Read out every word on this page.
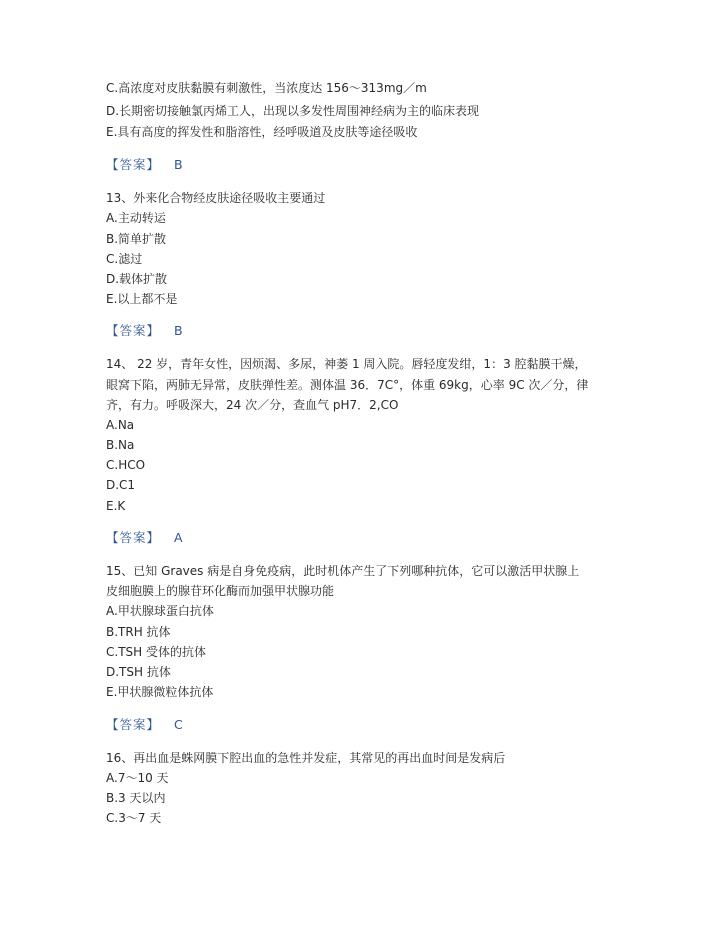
C.高浓度对皮肤黏膜有刺激性，当浓度达 156～313mg／m
D.长期密切接触氯丙烯工人，出现以多发性周围神经病为主的临床表现
E.具有高度的挥发性和脂溶性，经呼吸道及皮肤等途径吸收
【答案】 B
13、外来化合物经皮肤途径吸收主要通过
A.主动转运
B.简单扩散
C.滤过
D.载体扩散
E.以上都不是
【答案】 B
14、 22 岁，青年女性，因烦渴、多尿，神萎 1 周入院。唇轻度发绀，1：3 腔黏膜干燥，
眼窝下陷，两肺无异常，皮肤弹性差。测体温 36．7C°，体重 69kg，心率 9C 次／分，律
齐，有力。呼吸深大，24 次／分，查血气 pH7．2,CO
A.Na
B.Na
C.HCO
D.C1
E.K
【答案】 A
15、已知 Graves 病是自身免疫病，此时机体产生了下列哪种抗体，它可以激活甲状腺上
皮细胞膜上的腺苷环化酶而加强甲状腺功能
A.甲状腺球蛋白抗体
B.TRH 抗体
C.TSH 受体的抗体
D.TSH 抗体
E.甲状腺微粒体抗体
【答案】 C
16、再出血是蛛网膜下腔出血的急性并发症，其常见的再出血时间是发病后
A.7～10 天
B.3 天以内
C.3～7 天
